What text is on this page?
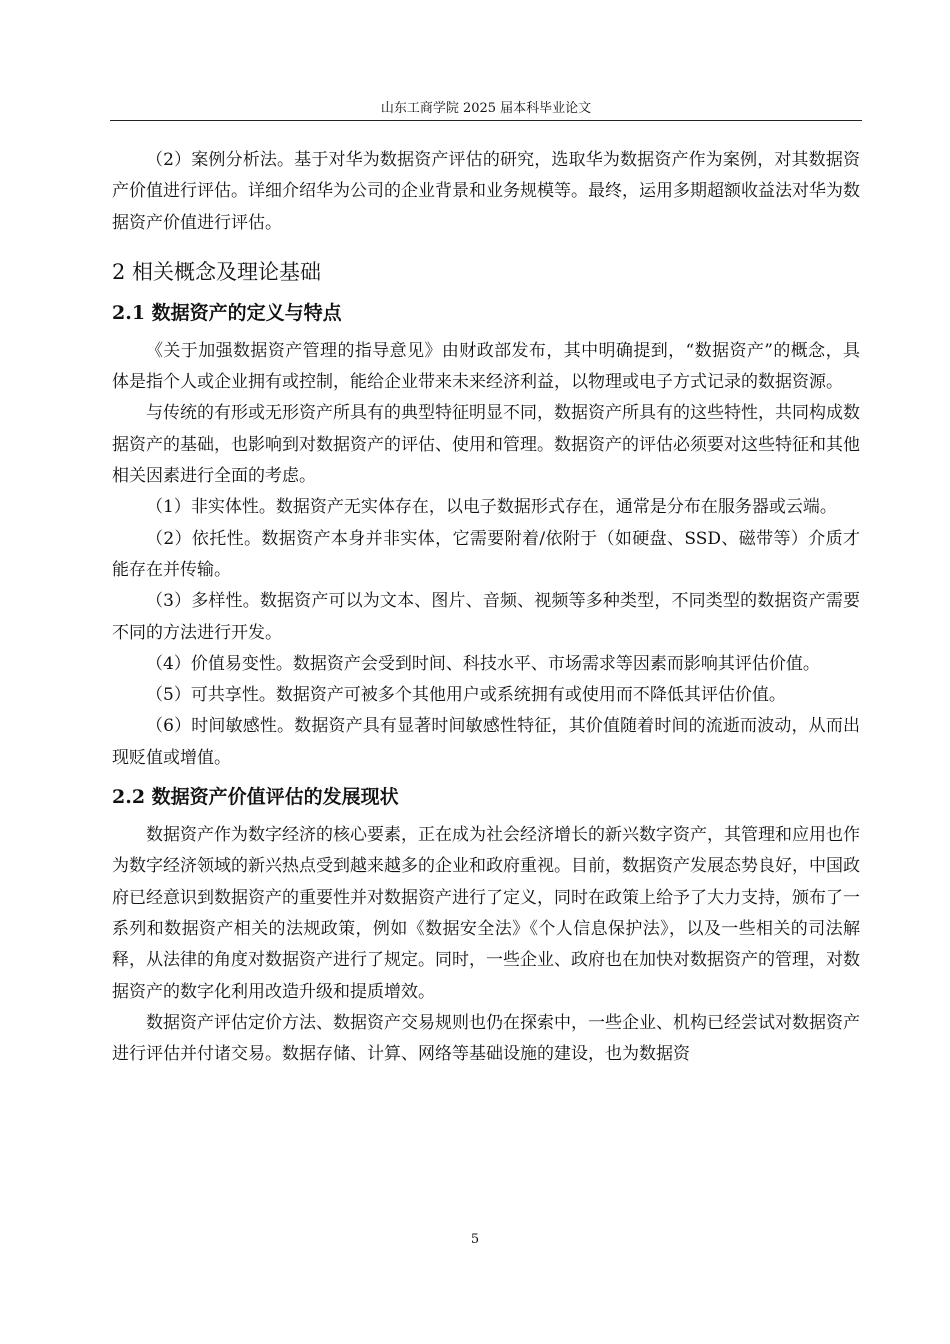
山东工商学院 2025 届本科毕业论文

（2）案例分析法。基于对华为数据资产评估的研究，选取华为数据资产作为案例，对其数据资产价值进行评估。详细介绍华为公司的企业背景和业务规模等。最终，运用多期超额收益法对华为数据资产价值进行评估。

2 相关概念及理论基础
2.1 数据资产的定义与特点

《关于加强数据资产管理的指导意见》由财政部发布，其中明确提到，“数据资产”的概念，具体是指个人或企业拥有或控制，能给企业带来未来经济利益，以物理或电子方式记录的数据资源。

与传统的有形或无形资产所具有的典型特征明显不同，数据资产所具有的这些特性，共同构成数据资产的基础，也影响到对数据资产的评估、使用和管理。数据资产的评估必须要对这些特征和其他相关因素进行全面的考虑。

（1）非实体性。数据资产无实体存在，以电子数据形式存在，通常是分布在服务器或云端。

（2）依托性。数据资产本身并非实体，它需要附着/依附于（如硬盘、SSD、磁带等）介质才能存在并传输。

（3）多样性。数据资产可以为文本、图片、音频、视频等多种类型，不同类型的数据资产需要不同的方法进行开发。

（4）价值易变性。数据资产会受到时间、科技水平、市场需求等因素而影响其评估价值。

（5）可共享性。数据资产可被多个其他用户或系统拥有或使用而不降低其评估价值。

（6）时间敏感性。数据资产具有显著时间敏感性特征，其价值随着时间的流逝而波动，从而出现贬值或增值。

2.2 数据资产价值评估的发展现状

数据资产作为数字经济的核心要素，正在成为社会经济增长的新兴数字资产，其管理和应用也作为数字经济领域的新兴热点受到越来越多的企业和政府重视。目前，数据资产发展态势良好，中国政府已经意识到数据资产的重要性并对数据资产进行了定义，同时在政策上给予了大力支持，颁布了一系列和数据资产相关的法规政策，例如《数据安全法》《个人信息保护法》，以及一些相关的司法解释，从法律的角度对数据资产进行了规定。同时，一些企业、政府也在加快对数据资产的管理，对数据资产的数字化利用改造升级和提质增效。

数据资产评估定价方法、数据资产交易规则也仍在探索中，一些企业、机构已经尝试对数据资产进行评估并付诸交易。数据存储、计算、网络等基础设施的建设，也为数据资

5
